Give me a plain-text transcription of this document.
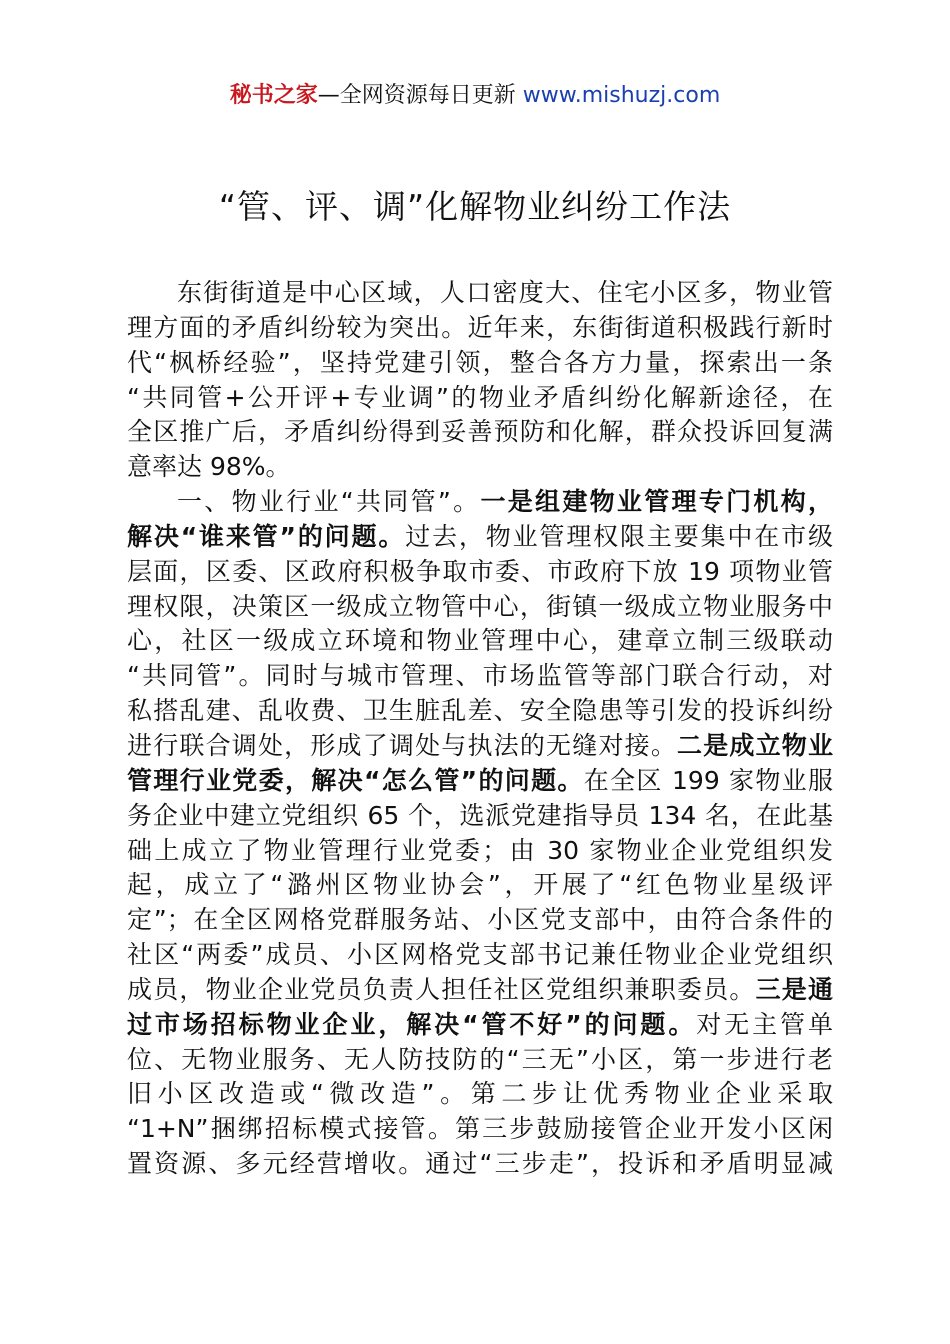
秘书之家—全网资源每日更新 www.mishuzj.com
“管、评、调”化解物业纠纷工作法
东街街道是中心区域，人口密度大、住宅小区多，物业管
理方面的矛盾纠纷较为突出。近年来，东街街道积极践行新时
代“枫桥经验”，坚持党建引领，整合各方力量，探索出一条
“共同管+公开评+专业调”的物业矛盾纠纷化解新途径，在
全区推广后，矛盾纠纷得到妥善预防和化解，群众投诉回复满
意率达 98%。
一、物业行业“共同管”。一是组建物业管理专门机构，
解决“谁来管”的问题。过去，物业管理权限主要集中在市级
层面，区委、区政府积极争取市委、市政府下放 19 项物业管
理权限，决策区一级成立物管中心，街镇一级成立物业服务中
心，社区一级成立环境和物业管理中心，建章立制三级联动
“共同管”。同时与城市管理、市场监管等部门联合行动，对
私搭乱建、乱收费、卫生脏乱差、安全隐患等引发的投诉纠纷
进行联合调处，形成了调处与执法的无缝对接。二是成立物业
管理行业党委，解决“怎么管”的问题。在全区 199 家物业服
务企业中建立党组织 65 个，选派党建指导员 134 名，在此基
础上成立了物业管理行业党委；由 30 家物业企业党组织发
起，成立了“潞州区物业协会”，开展了“红色物业星级评
定”；在全区网格党群服务站、小区党支部中，由符合条件的
社区“两委”成员、小区网格党支部书记兼任物业企业党组织
成员，物业企业党员负责人担任社区党组织兼职委员。三是通
过市场招标物业企业，解决“管不好”的问题。对无主管单
位、无物业服务、无人防技防的“三无”小区，第一步进行老
旧小区改造或“微改造”。第二步让优秀物业企业采取
“1+N”捆绑招标模式接管。第三步鼓励接管企业开发小区闲
置资源、多元经营增收。通过“三步走”，投诉和矛盾明显减
